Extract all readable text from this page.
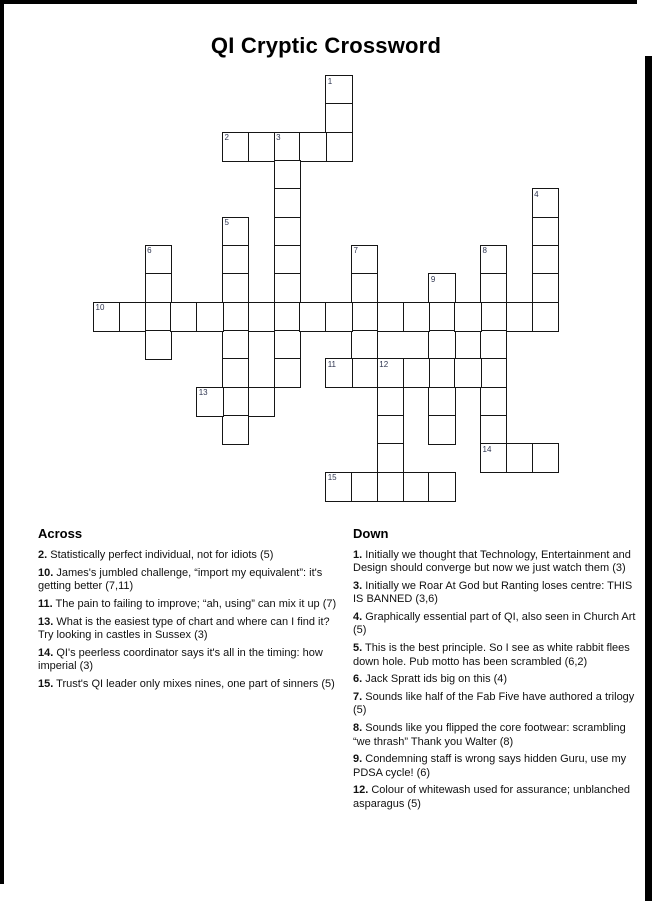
QI Cryptic Crossword
1
2	3
4
5
6	7	8
14
9
10
11	12
13
15
Across

2. Statistically perfect individual, not for idiots (5)

10. James's jumbled challenge, “import my equivalent”: it's getting better (7,11)

11. The pain to failing to improve; “ah, using” can mix it up (7)

13. What is the easiest type of chart and where can I find it? Try looking in castles in Sussex (3)

14. QI's peerless coordinator says it's all in the timing: how imperial (3)

15. Trust's QI leader only mixes nines, one part of sinners (5)

Down

1. Initially we thought that Technology, Entertainment and Design should converge but now we just watch them (3)

3. Initially we Roar At God but Ranting loses centre: THIS IS BANNED (3,6)

4. Graphically essential part of QI, also seen in Church Art (5)

5. This is the best principle. So I see as white rabbit flees down hole. Pub motto has been scrambled (6,2)

6. Jack Spratt ids big on this (4)

7. Sounds like half of the Fab Five have authored a trilogy (5)

8. Sounds like you flipped the core footwear: scrambling “we thrash” Thank you Walter (8)

9. Condemning staff is wrong says hidden Guru, use my PDSA cycle! (6)

12. Colour of whitewash used for assurance; unblanched asparagus (5)
